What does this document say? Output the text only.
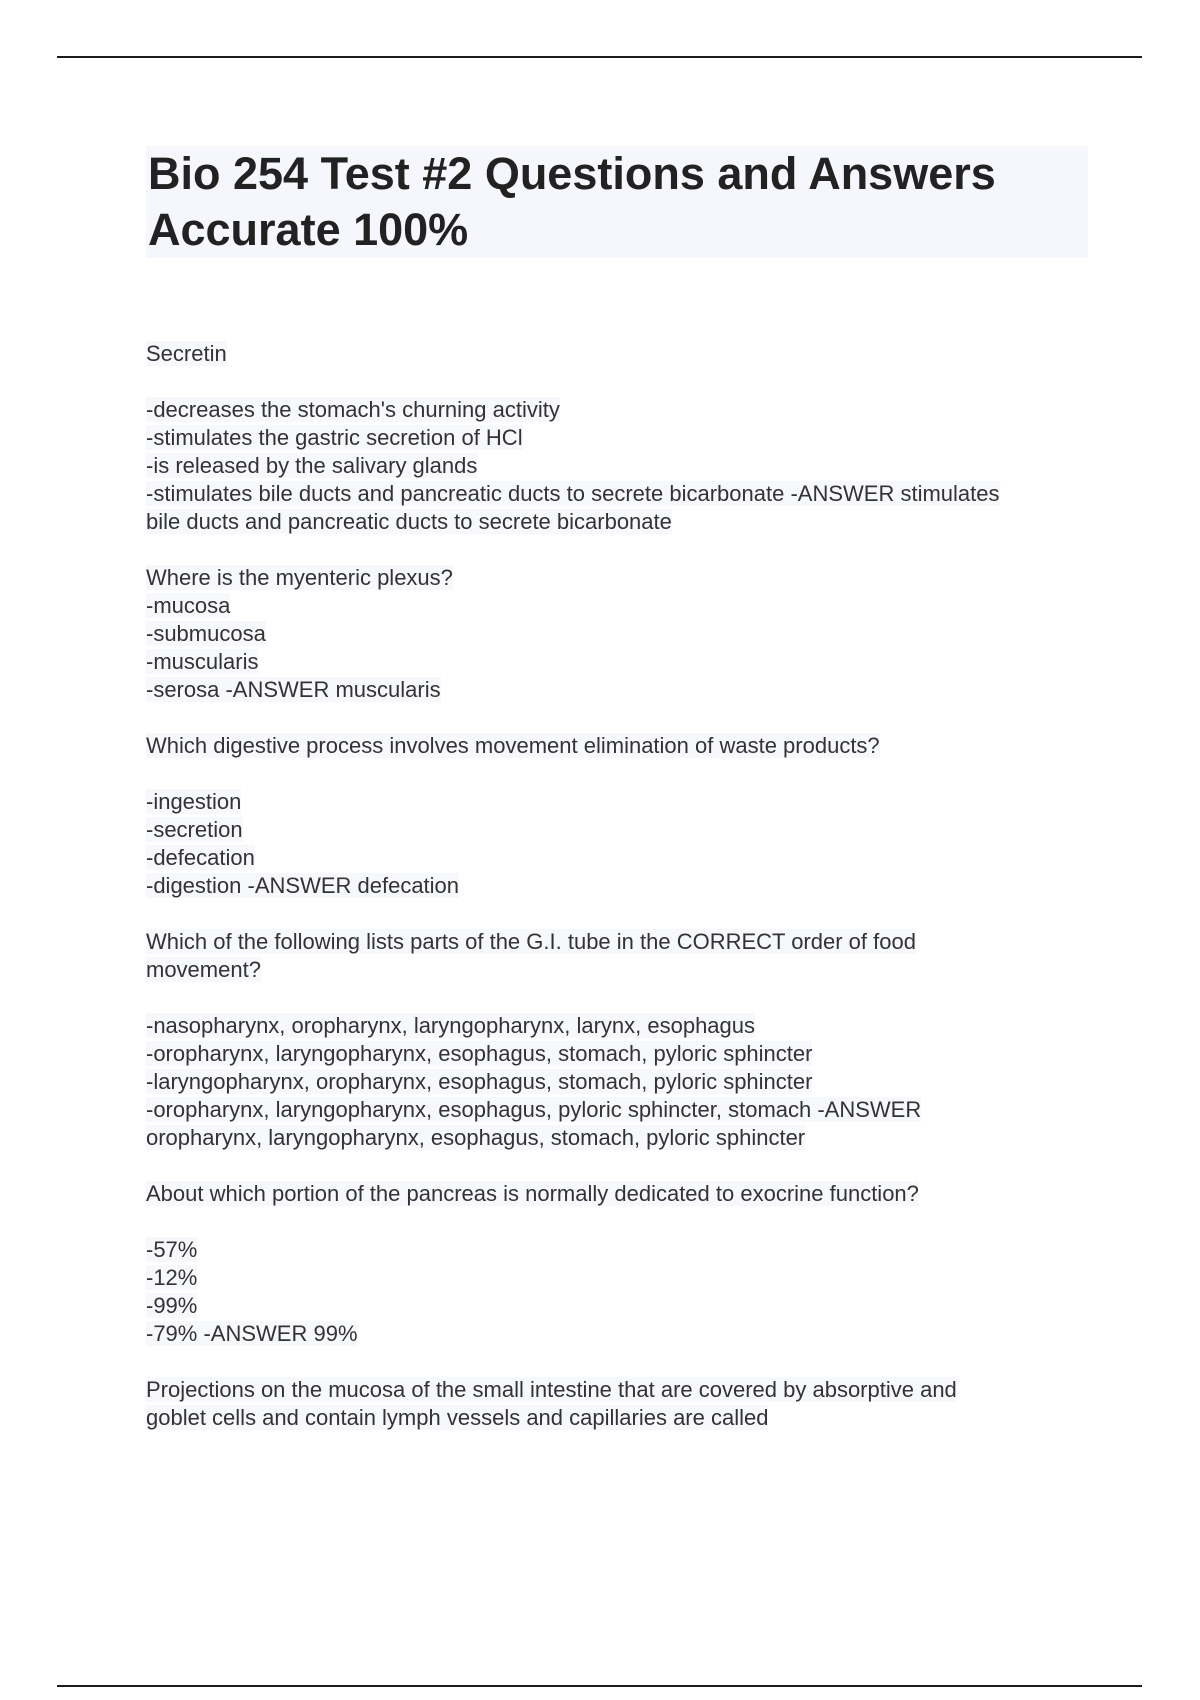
Bio 254 Test #2 Questions and Answers
Accurate 100%
Secretin
-decreases the stomach's churning activity
-stimulates the gastric secretion of HCl
-is released by the salivary glands
-stimulates bile ducts and pancreatic ducts to secrete bicarbonate -ANSWER stimulates
bile ducts and pancreatic ducts to secrete bicarbonate
Where is the myenteric plexus?
-mucosa
-submucosa
-muscularis
-serosa -ANSWER muscularis
Which digestive process involves movement elimination of waste products?
-ingestion
-secretion
-defecation
-digestion -ANSWER defecation
Which of the following lists parts of the G.I. tube in the CORRECT order of food
movement?
-nasopharynx, oropharynx, laryngopharynx, larynx, esophagus
-oropharynx, laryngopharynx, esophagus, stomach, pyloric sphincter
-laryngopharynx, oropharynx, esophagus, stomach, pyloric sphincter
-oropharynx, laryngopharynx, esophagus, pyloric sphincter, stomach -ANSWER
oropharynx, laryngopharynx, esophagus, stomach, pyloric sphincter
About which portion of the pancreas is normally dedicated to exocrine function?
-57%
-12%
-99%
-79% -ANSWER 99%
Projections on the mucosa of the small intestine that are covered by absorptive and
goblet cells and contain lymph vessels and capillaries are called
